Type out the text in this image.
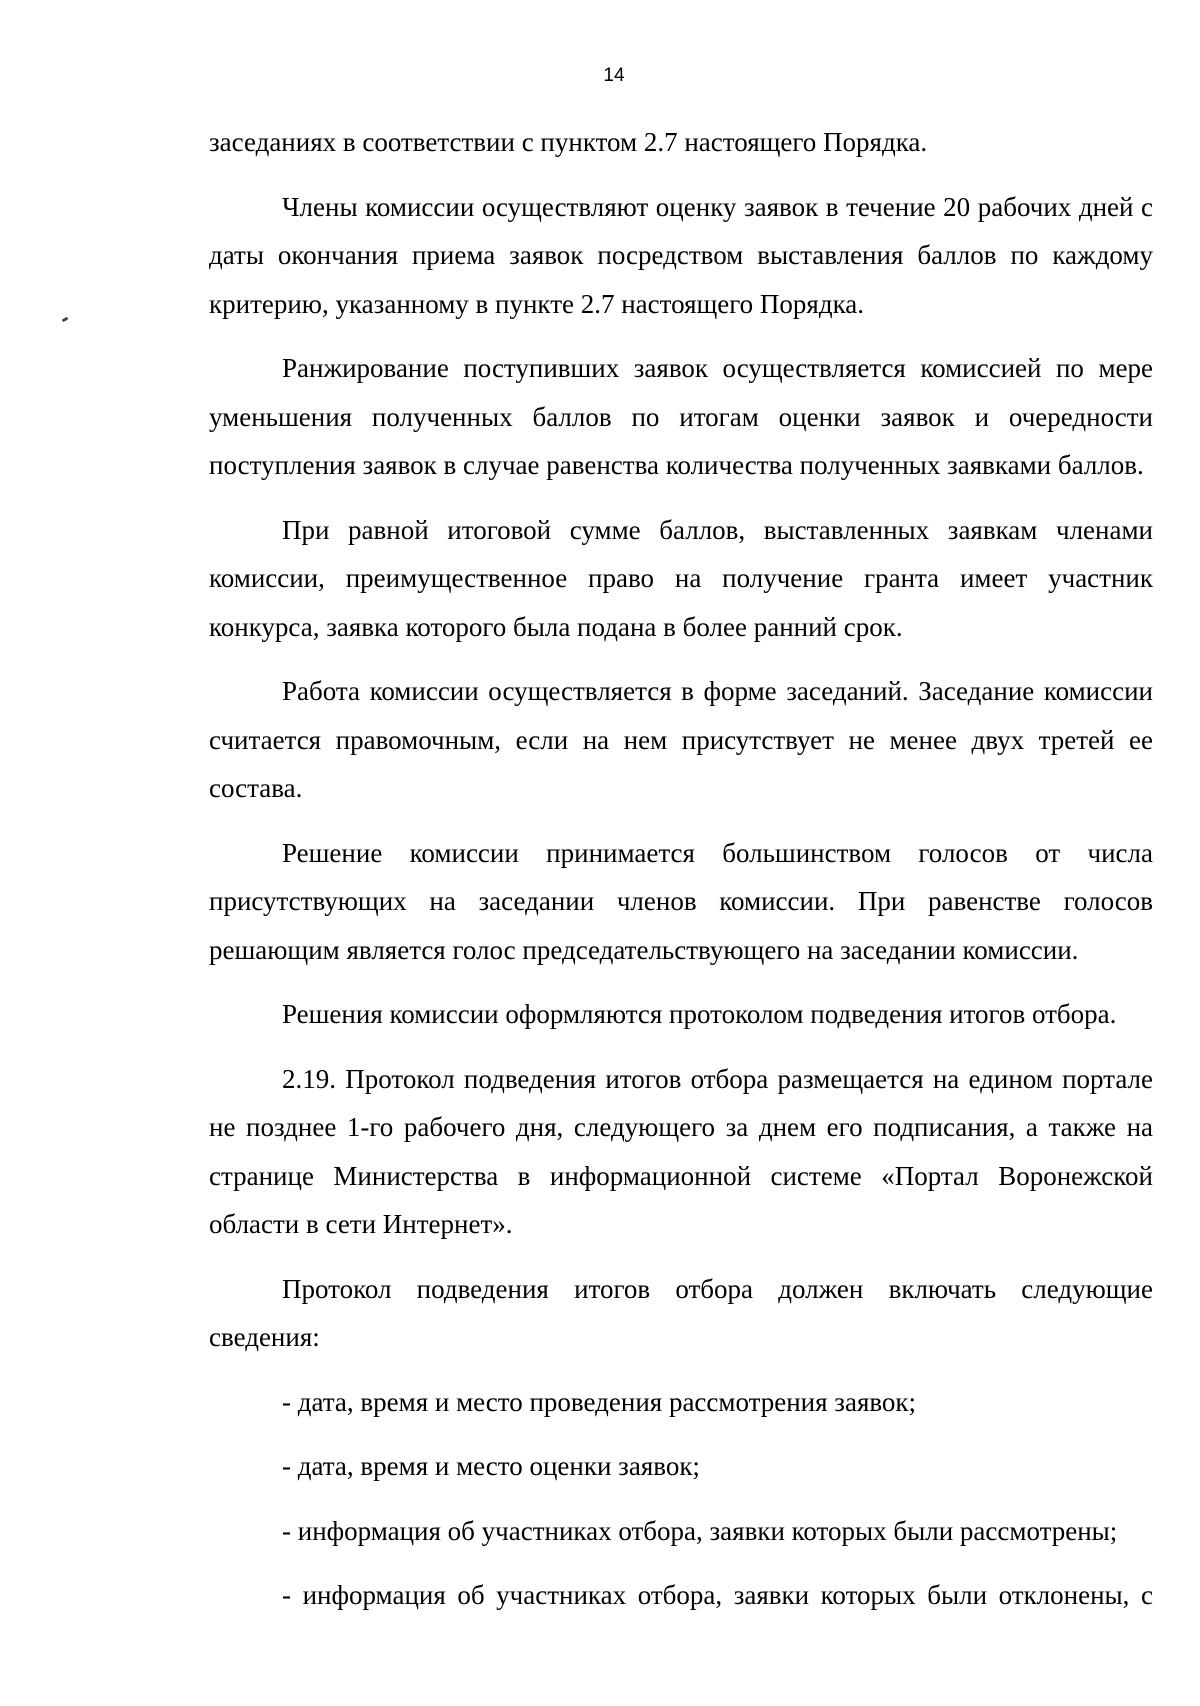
14

заседаниях в соответствии с пунктом 2.7 настоящего Порядка.

Члены комиссии осуществляют оценку заявок в течение 20 рабочих дней с даты окончания приема заявок посредством выставления баллов по каждому критерию, указанному в пункте 2.7 настоящего Порядка.

Ранжирование поступивших заявок осуществляется комиссией по мере уменьшения полученных баллов по итогам оценки заявок и очередности поступления заявок в случае равенства количества полученных заявками баллов.

При равной итоговой сумме баллов, выставленных заявкам членами комиссии, преимущественное право на получение гранта имеет участник конкурса, заявка которого была подана в более ранний срок.

Работа комиссии осуществляется в форме заседаний. Заседание комиссии считается правомочным, если на нем присутствует не менее двух третей ее состава.

Решение комиссии принимается большинством голосов от числа присутствующих на заседании членов комиссии. При равенстве голосов решающим является голос председательствующего на заседании комиссии.

Решения комиссии оформляются протоколом подведения итогов отбора.

2.19. Протокол подведения итогов отбора размещается на едином портале не позднее 1-го рабочего дня, следующего за днем его подписания, а также на странице Министерства в информационной системе «Портал Воронежской области в сети Интернет».

Протокол подведения итогов отбора должен включать следующие сведения:

- дата, время и место проведения рассмотрения заявок;

- дата, время и место оценки заявок;

- информация об участниках отбора, заявки которых были рассмотрены;

- информация об участниках отбора, заявки которых были отклонены, с
